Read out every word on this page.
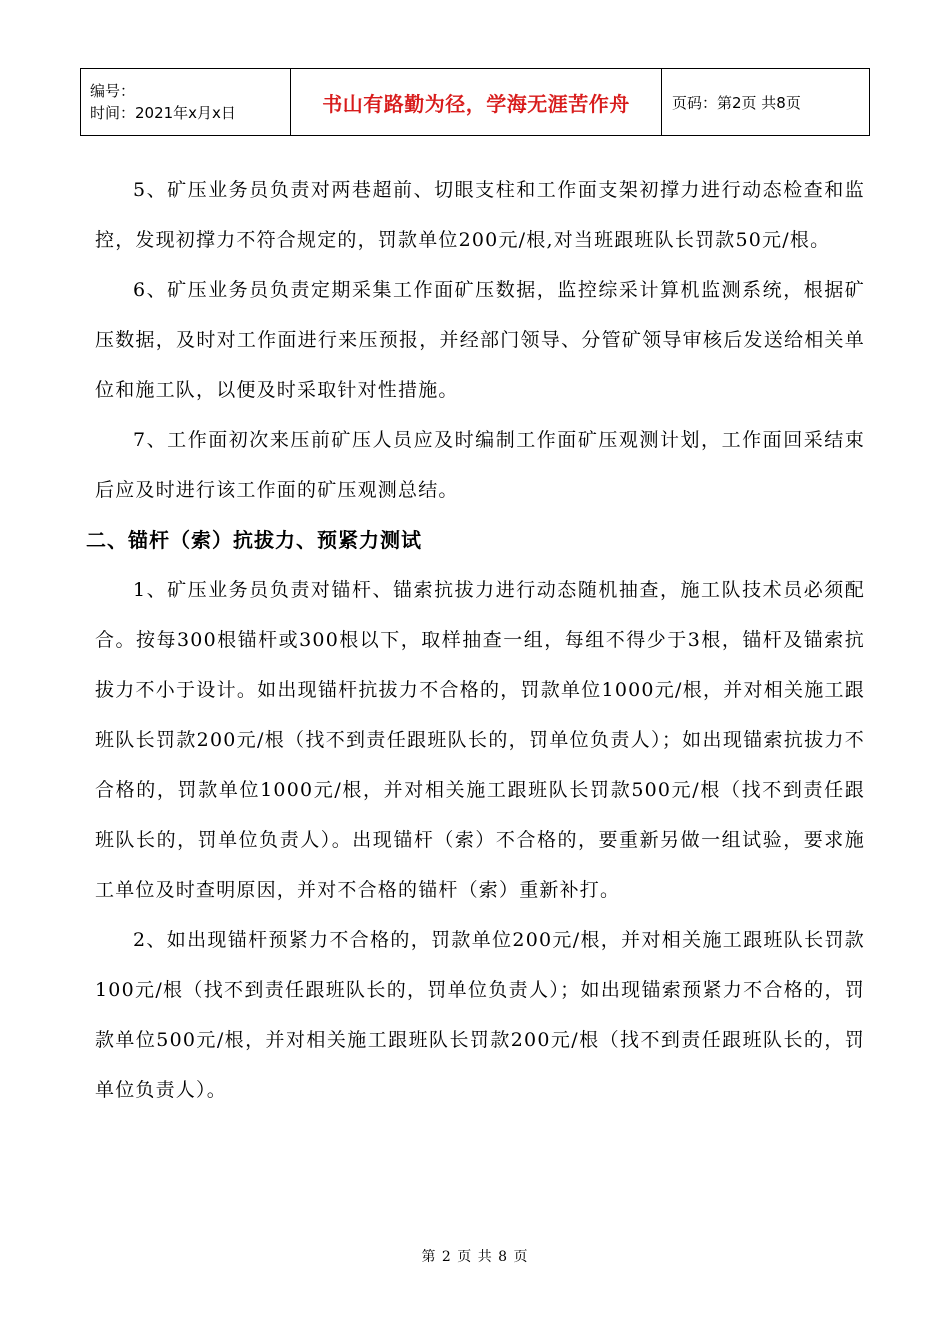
编号：
时间：2021年x月x日	书山有路勤为径，学海无涯苦作舟	页码：第2页 共8页

5、矿压业务员负责对两巷超前、切眼支柱和工作面支架初撑力进行动态检查和监控，发现初撑力不符合规定的，罚款单位200元/根,对当班跟班队长罚款50元/根。

6、矿压业务员负责定期采集工作面矿压数据，监控综采计算机监测系统，根据矿压数据，及时对工作面进行来压预报，并经部门领导、分管矿领导审核后发送给相关单位和施工队，以便及时采取针对性措施。

7、工作面初次来压前矿压人员应及时编制工作面矿压观测计划，工作面回采结束后应及时进行该工作面的矿压观测总结。

二、锚杆（索）抗拔力、预紧力测试

1、矿压业务员负责对锚杆、锚索抗拔力进行动态随机抽查，施工队技术员必须配合。按每300根锚杆或300根以下，取样抽查一组，每组不得少于3根，锚杆及锚索抗拔力不小于设计。如出现锚杆抗拔力不合格的，罚款单位1000元/根，并对相关施工跟班队长罚款200元/根（找不到责任跟班队长的，罚单位负责人）；如出现锚索抗拔力不合格的，罚款单位1000元/根，并对相关施工跟班队长罚款500元/根（找不到责任跟班队长的，罚单位负责人）。出现锚杆（索）不合格的，要重新另做一组试验，要求施工单位及时查明原因，并对不合格的锚杆（索）重新补打。

2、如出现锚杆预紧力不合格的，罚款单位200元/根，并对相关施工跟班队长罚款100元/根（找不到责任跟班队长的，罚单位负责人）；如出现锚索预紧力不合格的，罚款单位500元/根，并对相关施工跟班队长罚款200元/根（找不到责任跟班队长的，罚单位负责人）。

第 2 页 共 8 页
